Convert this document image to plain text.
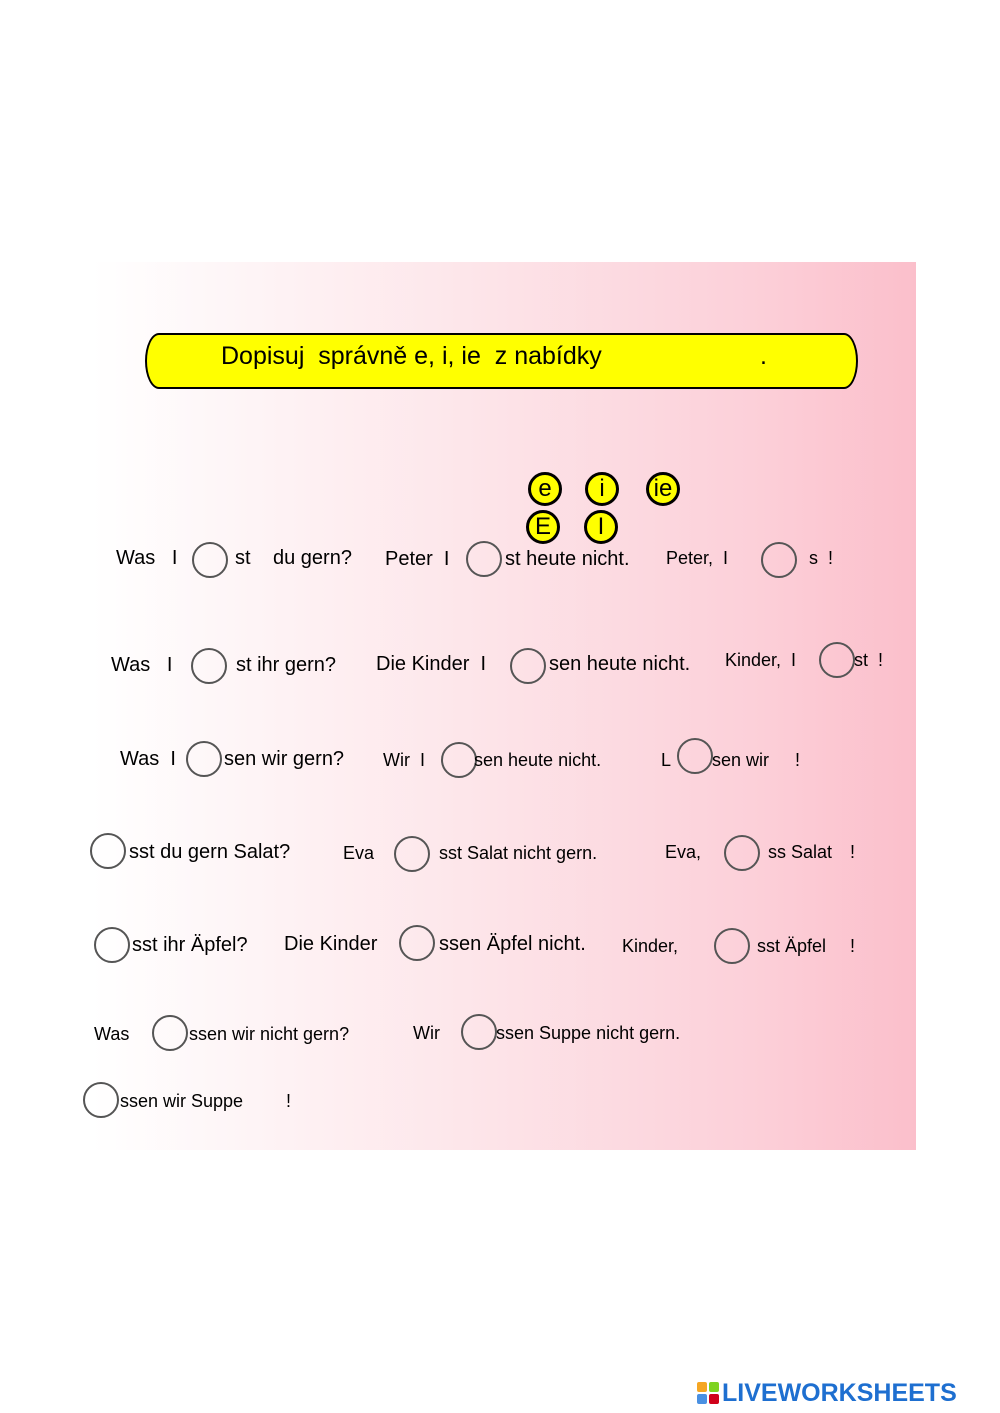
Dopisuj  správně e, i, ie  z nabídky	.
e	i	ie
E	I
Was   I	st du gern? Peter  I	st heute nicht. Peter,  I	s  !
Was   I	st ihr gern? Die Kinder  I	sen heute nicht. Kinder,  I	st  !
Was  I sen wir gern? Wir  I	sen heute nicht.	L sen wir !
sst du gern Salat?	Eva	sst Salat nicht gern.	Eva,	ss Salat !
sst ihr Äpfel? Die Kinder	ssen Äpfel nicht. Kinder,	sst Äpfel !
Was	ssen wir nicht gern?	Wir	ssen Suppe nicht gern.
ssen wir Suppe !
LIVEWORKSHEETS
